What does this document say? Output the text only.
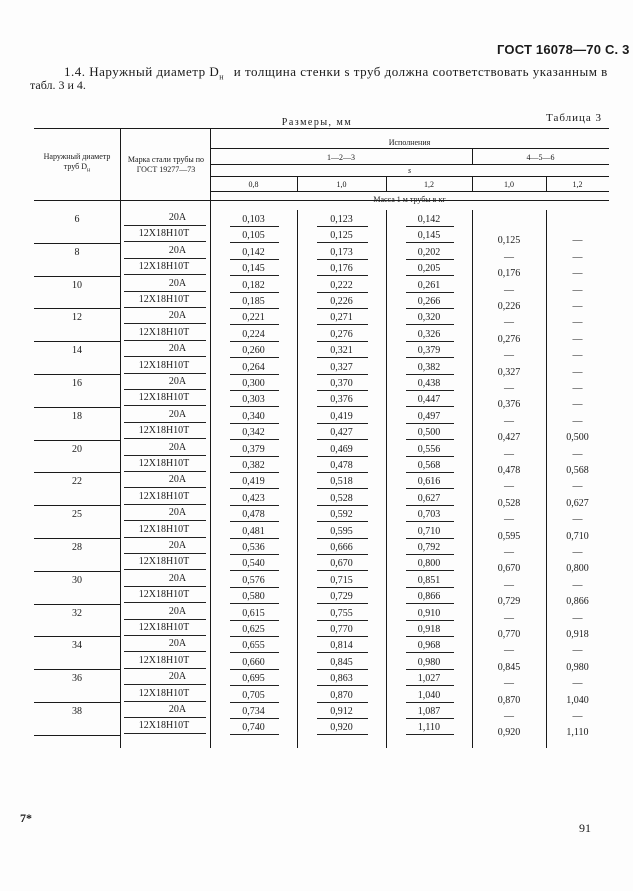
ГОСТ 16078—70 С. 3
1.4. Наружный диаметр $D_н$ и толщина стенки s труб должна соответствовать указанным в
табл. 3 и 4.
Таблица 3
Размеры, мм
Наружный диаметр труб $D_н$
Марка стали трубы по ГОСТ 19277—73
Исполнения
1—2—3	4—5—6
s
0,8	1,0	1,2	1,0	1,2
Масса 1 м трубы в кг
6	20А	0,103	0,123	0,142
12Х18Н10Т	0,105	0,125	0,145	0,125	—
8	20А	0,142	0,173	0,202	—	—
12Х18Н10Т	0,145	0,176	0,205	0,176	—
10	20А	0,182	0,222	0,261	—	—
12Х18Н10Т	0,185	0,226	0,266	0,226	—
12	20А	0,221	0,271	0,320	—	—
12Х18Н10Т	0,224	0,276	0,326	0,276	—
14	20А	0,260	0,321	0,379	—	—
12Х18Н10Т	0,264	0,327	0,382	0,327	—
16	20А	0,300	0,370	0,438	—	—
12Х18Н10Т	0,303	0,376	0,447	0,376	—
18	20А	0,340	0,419	0,497	—	—
12Х18Н10Т	0,342	0,427	0,500	0,427	0,500
20	20А	0,379	0,469	0,556	—	—
12Х18Н10Т	0,382	0,478	0,568	0,478	0,568
22	20А	0,419	0,518	0,616	—	—
12Х18Н10Т	0,423	0,528	0,627	0,528	0,627
25	20А	0,478	0,592	0,703	—	—
12Х18Н10Т	0,481	0,595	0,710	0,595	0,710
28	20А	0,536	0,666	0,792	—	—
12Х18Н10Т	0,540	0,670	0,800	0,670	0,800
30	20А	0,576	0,715	0,851	—	—
12Х18Н10Т	0,580	0,729	0,866	0,729	0,866
32	20А	0,615	0,755	0,910	—	—
12Х18Н10Т	0,625	0,770	0,918	0,770	0,918
34	20А	0,655	0,814	0,968	—	—
12Х18Н10Т	0,660	0,845	0,980	0,845	0,980
36	20А	0,695	0,863	1,027	—	—
12Х18Н10Т	0,705	0,870	1,040	0,870	1,040
38	20А	0,734	0,912	1,087	—	—
12Х18Н10Т	0,740	0,920	1,110	0,920	1,110
7*
91
